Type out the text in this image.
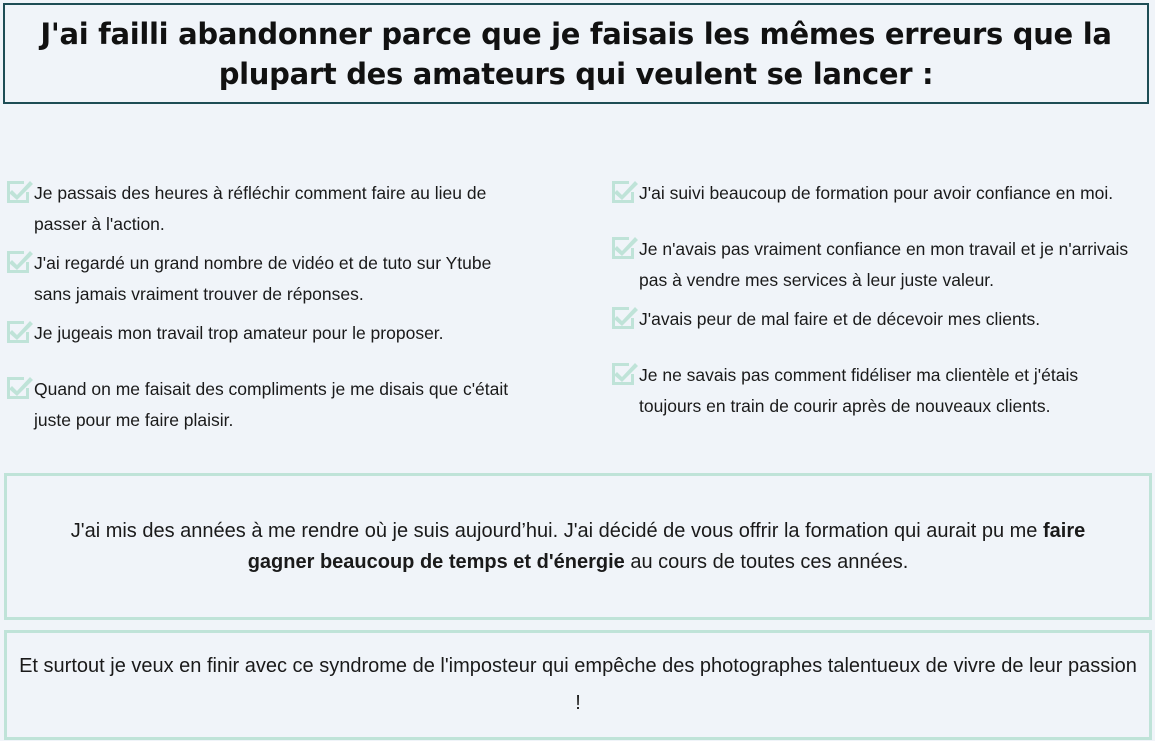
J'ai failli abandonner parce que je faisais les mêmes erreurs que la plupart des amateurs qui veulent se lancer :
Je passais des heures à réfléchir comment faire au lieu de passer à l'action.
J'ai regardé un grand nombre de vidéo et de tuto sur Ytube sans jamais vraiment trouver de réponses.
Je jugeais mon travail trop amateur pour le proposer.
Quand on me faisait des compliments je me disais que c'était juste pour me faire plaisir.
J'ai suivi beaucoup de formation pour avoir confiance en moi.
Je n'avais pas vraiment confiance en mon travail et je n'arrivais pas à vendre mes services à leur juste valeur.
J'avais peur de mal faire et de décevoir mes clients.
Je ne savais pas comment fidéliser ma clientèle et j'étais toujours en train de courir après de nouveaux clients.

J'ai mis des années à me rendre où je suis aujourd’hui. J'ai décidé de vous offrir la formation qui aurait pu me faire gagner beaucoup de temps et d'énergie au cours de toutes ces années.

Et surtout je veux en finir avec ce syndrome de l'imposteur qui empêche des photographes talentueux de vivre de leur passion !
